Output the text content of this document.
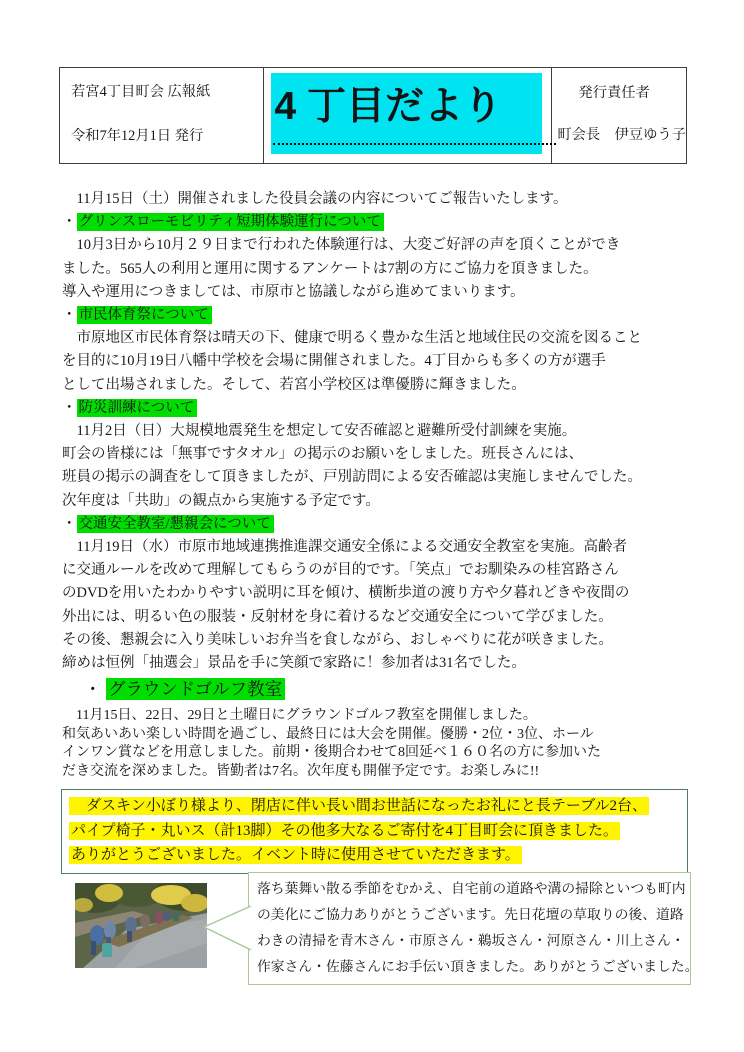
若宮4丁目町会 広報紙
令和7年12月1日 発行
4 丁目だより	発行責任者
町会長　伊豆ゆう子
　11月15日（土）開催されました役員会議の内容についてご報告いたします。
・ グリンスローモビリティ短期体験運行について
　10月3日から10月２９日まで行われた体験運行は、大変ご好評の声を頂くことができ
ました。565人の利用と運用に関するアンケートは7割の方にご協力を頂きました。
導入や運用につきましては、市原市と協議しながら進めてまいります。
・ 市民体育祭について
　市原地区市民体育祭は晴天の下、健康で明るく豊かな生活と地域住民の交流を図ること
を目的に10月19日八幡中学校を会場に開催されました。4丁目からも多くの方が選手
として出場されました。そして、若宮小学校区は準優勝に輝きました。
・ 防災訓練について
　11月2日（日）大規模地震発生を想定して安否確認と避難所受付訓練を実施。
町会の皆様には「無事ですタオル」の掲示のお願いをしました。班長さんには、
班員の掲示の調査をして頂きましたが、戸別訪問による安否確認は実施しませんでした。
次年度は「共助」の観点から実施する予定です。
・ 交通安全教室/懇親会について
　11月19日（水）市原市地域連携推進課交通安全係による交通安全教室を実施。高齢者
に交通ルールを改めて理解してもらうのが目的です。「笑点」でお馴染みの桂宮路さん
のDVDを用いたわかりやすい説明に耳を傾け、横断歩道の渡り方や夕暮れどきや夜間の
外出には、明るい色の服装・反射材を身に着けるなど交通安全について学びました。
その後、懇親会に入り美味しいお弁当を食しながら、おしゃべりに花が咲きました。
締めは恒例「抽選会」景品を手に笑顔で家路に！参加者は31名でした。
・ グラウンドゴルフ教室
　11月15日、22日、29日と土曜日にグラウンドゴルフ教室を開催しました。
和気あいあい楽しい時間を過ごし、最終日には大会を開催。優勝・2位・3位、ホール
インワン賞などを用意しました。前期・後期合わせて8回延べ１６０名の方に参加いた
だき交流を深めました。皆勤者は7名。次年度も開催予定です。お楽しみに!!
　ダスキン小ぼり様より、閉店に伴い長い間お世話になったお礼にと長テーブル2台、
パイプ椅子・丸いス（計13脚）その他多大なるご寄付を4丁目町会に頂きました。
ありがとうございました。イベント時に使用させていただきます。
落ち葉舞い散る季節をむかえ、自宅前の道路や溝の掃除といつも町内
の美化にご協力ありがとうございます。先日花壇の草取りの後、道路
わきの清掃を青木さん・市原さん・鵜坂さん・河原さん・川上さん・
作家さん・佐藤さんにお手伝い頂きました。ありがとうございました。
